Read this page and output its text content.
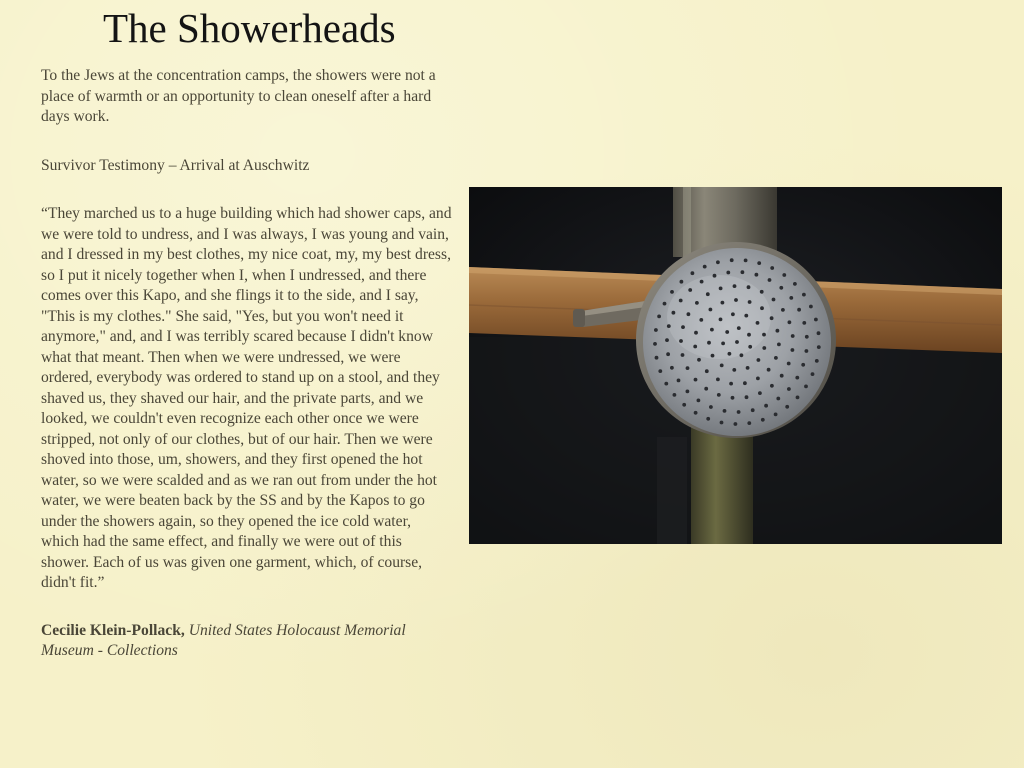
The Showerheads

To the Jews at the concentration camps, the showers were not a place of warmth or an opportunity to clean oneself after a hard days work.

Survivor Testimony – Arrival at Auschwitz

“They marched us to a huge building which had shower caps, and we were told to undress, and I was always, I was young and vain, and I dressed in my best clothes, my nice coat, my, my best dress, so I put it nicely together when I, when I undressed, and there comes over this Kapo, and she flings it to the side, and I say, "This is my clothes." She said, "Yes, but you won't need it anymore," and, and I was terribly scared because I didn't know what that meant. Then when we were undressed, we were ordered, everybody was ordered to stand up on a stool, and they shaved us, they shaved our hair, and the private parts, and we looked, we couldn't even recognize each other once we were stripped, not only of our clothes, but of our hair. Then we were shoved into those, um, showers, and they first opened the hot water, so we were scalded and as we ran out from under the hot water, we were beaten back by the SS and by the Kapos to go under the showers again, so they opened the ice cold water, which had the same effect, and finally we were out of this shower. Each of us was given one garment, which, of course, didn't fit.”

Cecilie Klein-Pollack, United States Holocaust Memorial Museum - Collections
